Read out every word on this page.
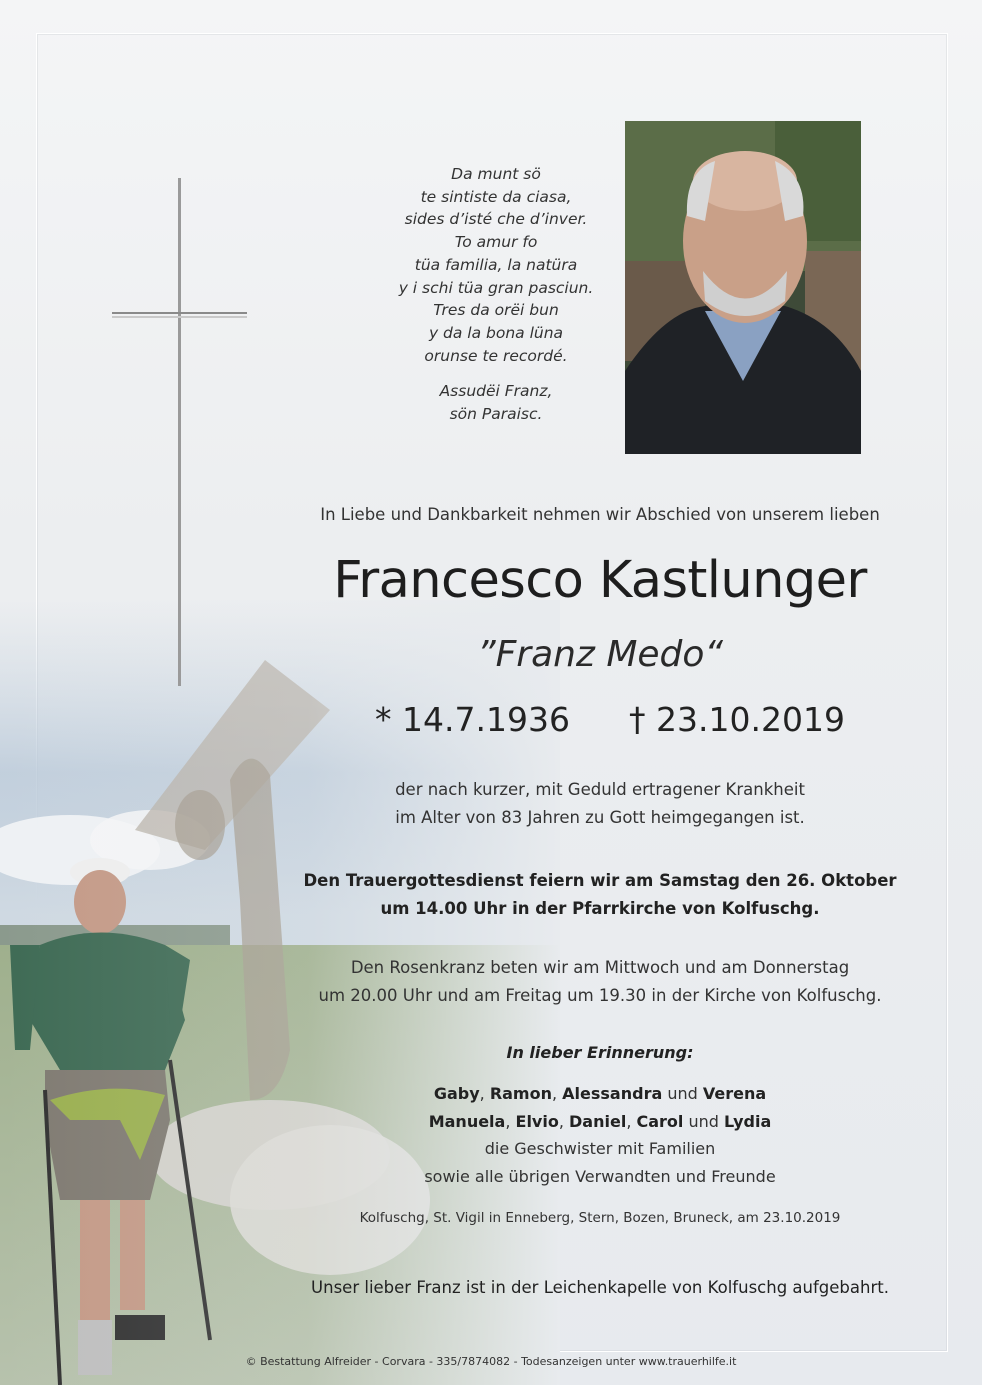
Da munt sö
te sintiste da ciasa,
sides d’isté che d’inver.
To amur fo
tüa familia, la natüra
y i schi tüa gran pasciun.
Tres da orëi bun
y da la bona lüna
orunse te recordé.
Assudëi Franz,
sön Paraisc.
In Liebe und Dankbarkeit nehmen wir Abschied von unserem lieben
Francesco Kastlunger
”Franz Medo“
* 14.7.1936 † 23.10.2019
der nach kurzer, mit Geduld ertragener Krankheit
im Alter von 83 Jahren zu Gott heimgegangen ist.
Den Trauergottesdienst feiern wir am Samstag den 26. Oktober
um 14.00 Uhr in der Pfarrkirche von Kolfuschg.
Den Rosenkranz beten wir am Mittwoch und am Donnerstag
um 20.00 Uhr und am Freitag um 19.30 in der Kirche von Kolfuschg.
In lieber Erinnerung:
Gaby, Ramon, Alessandra und Verena
Manuela, Elvio, Daniel, Carol und Lydia
die Geschwister mit Familien
sowie alle übrigen Verwandten und Freunde
Kolfuschg, St. Vigil in Enneberg, Stern, Bozen, Bruneck, am 23.10.2019
Unser lieber Franz ist in der Leichenkapelle von Kolfuschg aufgebahrt.
© Bestattung Alfreider - Corvara - 335/7874082 - Todesanzeigen unter www.trauerhilfe.it
